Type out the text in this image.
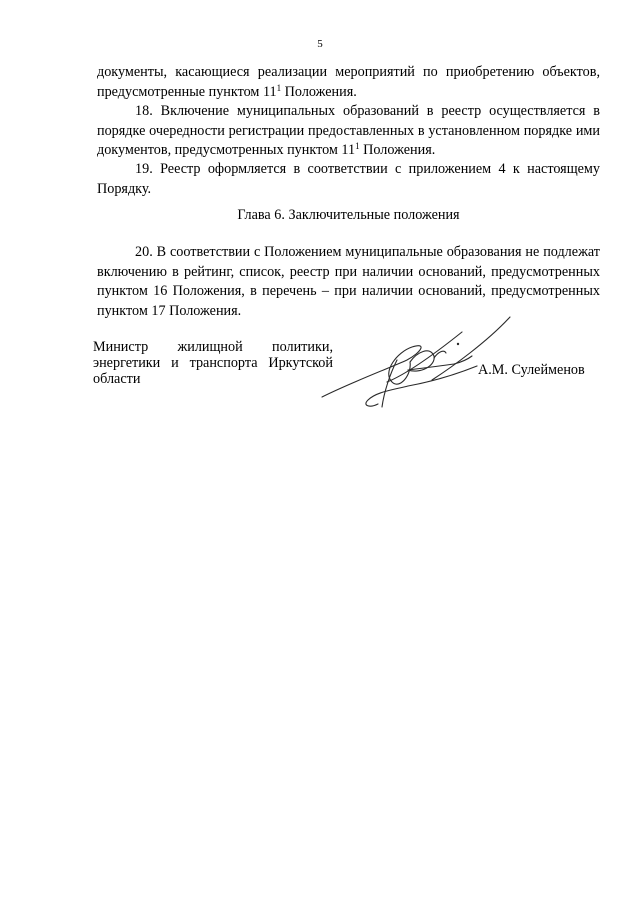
5

документы, касающиеся реализации мероприятий по приобретению объектов, предусмотренные пунктом $11^1$ Положения.

18. Включение муниципальных образований в реестр осуществляется в порядке очередности регистрации предоставленных в установленном порядке ими документов, предусмотренных пунктом $11^1$ Положения.

19. Реестр оформляется в соответствии с приложением 4 к настоящему Порядку.

Глава 6. Заключительные положения

20. В соответствии с Положением муниципальные образования не подлежат включению в рейтинг, список, реестр при наличии оснований, предусмотренных пунктом 16 Положения, в перечень – при наличии оснований, предусмотренных пунктом 17 Положения.

Министр жилищной политики,
энергетики и транспорта Иркутской
области
А.М. Сулейменов
